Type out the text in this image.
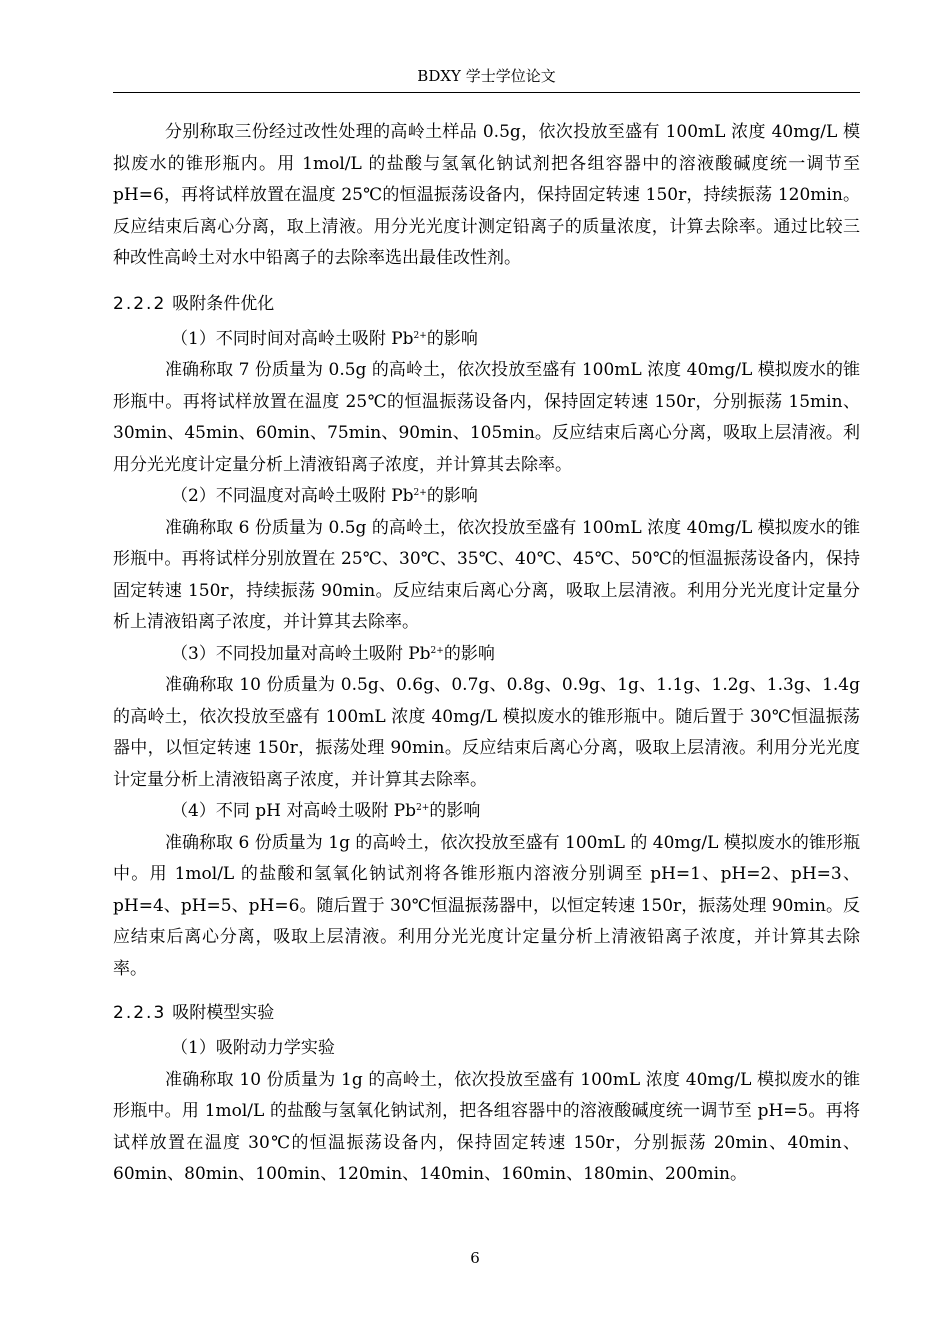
BDXY 学士学位论文

分别称取三份经过改性处理的高岭土样品 0.5g，依次投放至盛有 100mL 浓度 40mg/L 模拟废水的锥形瓶内。用 1mol/L 的盐酸与氢氧化钠试剂把各组容器中的溶液酸碱度统一调节至 pH=6，再将试样放置在温度 25℃的恒温振荡设备内，保持固定转速 150r，持续振荡 120min。反应结束后离心分离，取上清液。用分光光度计测定铅离子的质量浓度，计算去除率。通过比较三种改性高岭土对水中铅离子的去除率选出最佳改性剂。

2.2.2 吸附条件优化

（1）不同时间对高岭土吸附 $Pb^{2+}$的影响

准确称取 7 份质量为 0.5g 的高岭土，依次投放至盛有 100mL 浓度 40mg/L 模拟废水的锥形瓶中。再将试样放置在温度 25℃的恒温振荡设备内，保持固定转速 150r，分别振荡 15min、30min、45min、60min、75min、90min、105min。反应结束后离心分离，吸取上层清液。利用分光光度计定量分析上清液铅离子浓度，并计算其去除率。

（2）不同温度对高岭土吸附 $Pb^{2+}$的影响

准确称取 6 份质量为 0.5g 的高岭土，依次投放至盛有 100mL 浓度 40mg/L 模拟废水的锥形瓶中。再将试样分别放置在 25℃、30℃、35℃、40℃、45℃、50℃的恒温振荡设备内，保持固定转速 150r，持续振荡 90min。反应结束后离心分离，吸取上层清液。利用分光光度计定量分析上清液铅离子浓度，并计算其去除率。

（3）不同投加量对高岭土吸附 $Pb^{2+}$的影响

准确称取 10 份质量为 0.5g、0.6g、0.7g、0.8g、0.9g、1g、1.1g、1.2g、1.3g、1.4g 的高岭土，依次投放至盛有 100mL 浓度 40mg/L 模拟废水的锥形瓶中。随后置于 30℃恒温振荡器中，以恒定转速 150r，振荡处理 90min。反应结束后离心分离，吸取上层清液。利用分光光度计定量分析上清液铅离子浓度，并计算其去除率。

（4）不同 pH 对高岭土吸附 $Pb^{2+}$的影响

准确称取 6 份质量为 1g 的高岭土，依次投放至盛有 100mL 的 40mg/L 模拟废水的锥形瓶中。用 1mol/L 的盐酸和氢氧化钠试剂将各锥形瓶内溶液分别调至 pH=1、pH=2、pH=3、pH=4、pH=5、pH=6。随后置于 30℃恒温振荡器中，以恒定转速 150r，振荡处理 90min。反应结束后离心分离，吸取上层清液。利用分光光度计定量分析上清液铅离子浓度，并计算其去除率。

2.2.3 吸附模型实验

（1）吸附动力学实验

准确称取 10 份质量为 1g 的高岭土，依次投放至盛有 100mL 浓度 40mg/L 模拟废水的锥形瓶中。用 1mol/L 的盐酸与氢氧化钠试剂，把各组容器中的溶液酸碱度统一调节至 pH=5。再将试样放置在温度 30℃的恒温振荡设备内，保持固定转速 150r，分别振荡 20min、40min、60min、80min、100min、120min、140min、160min、180min、200min。

6
